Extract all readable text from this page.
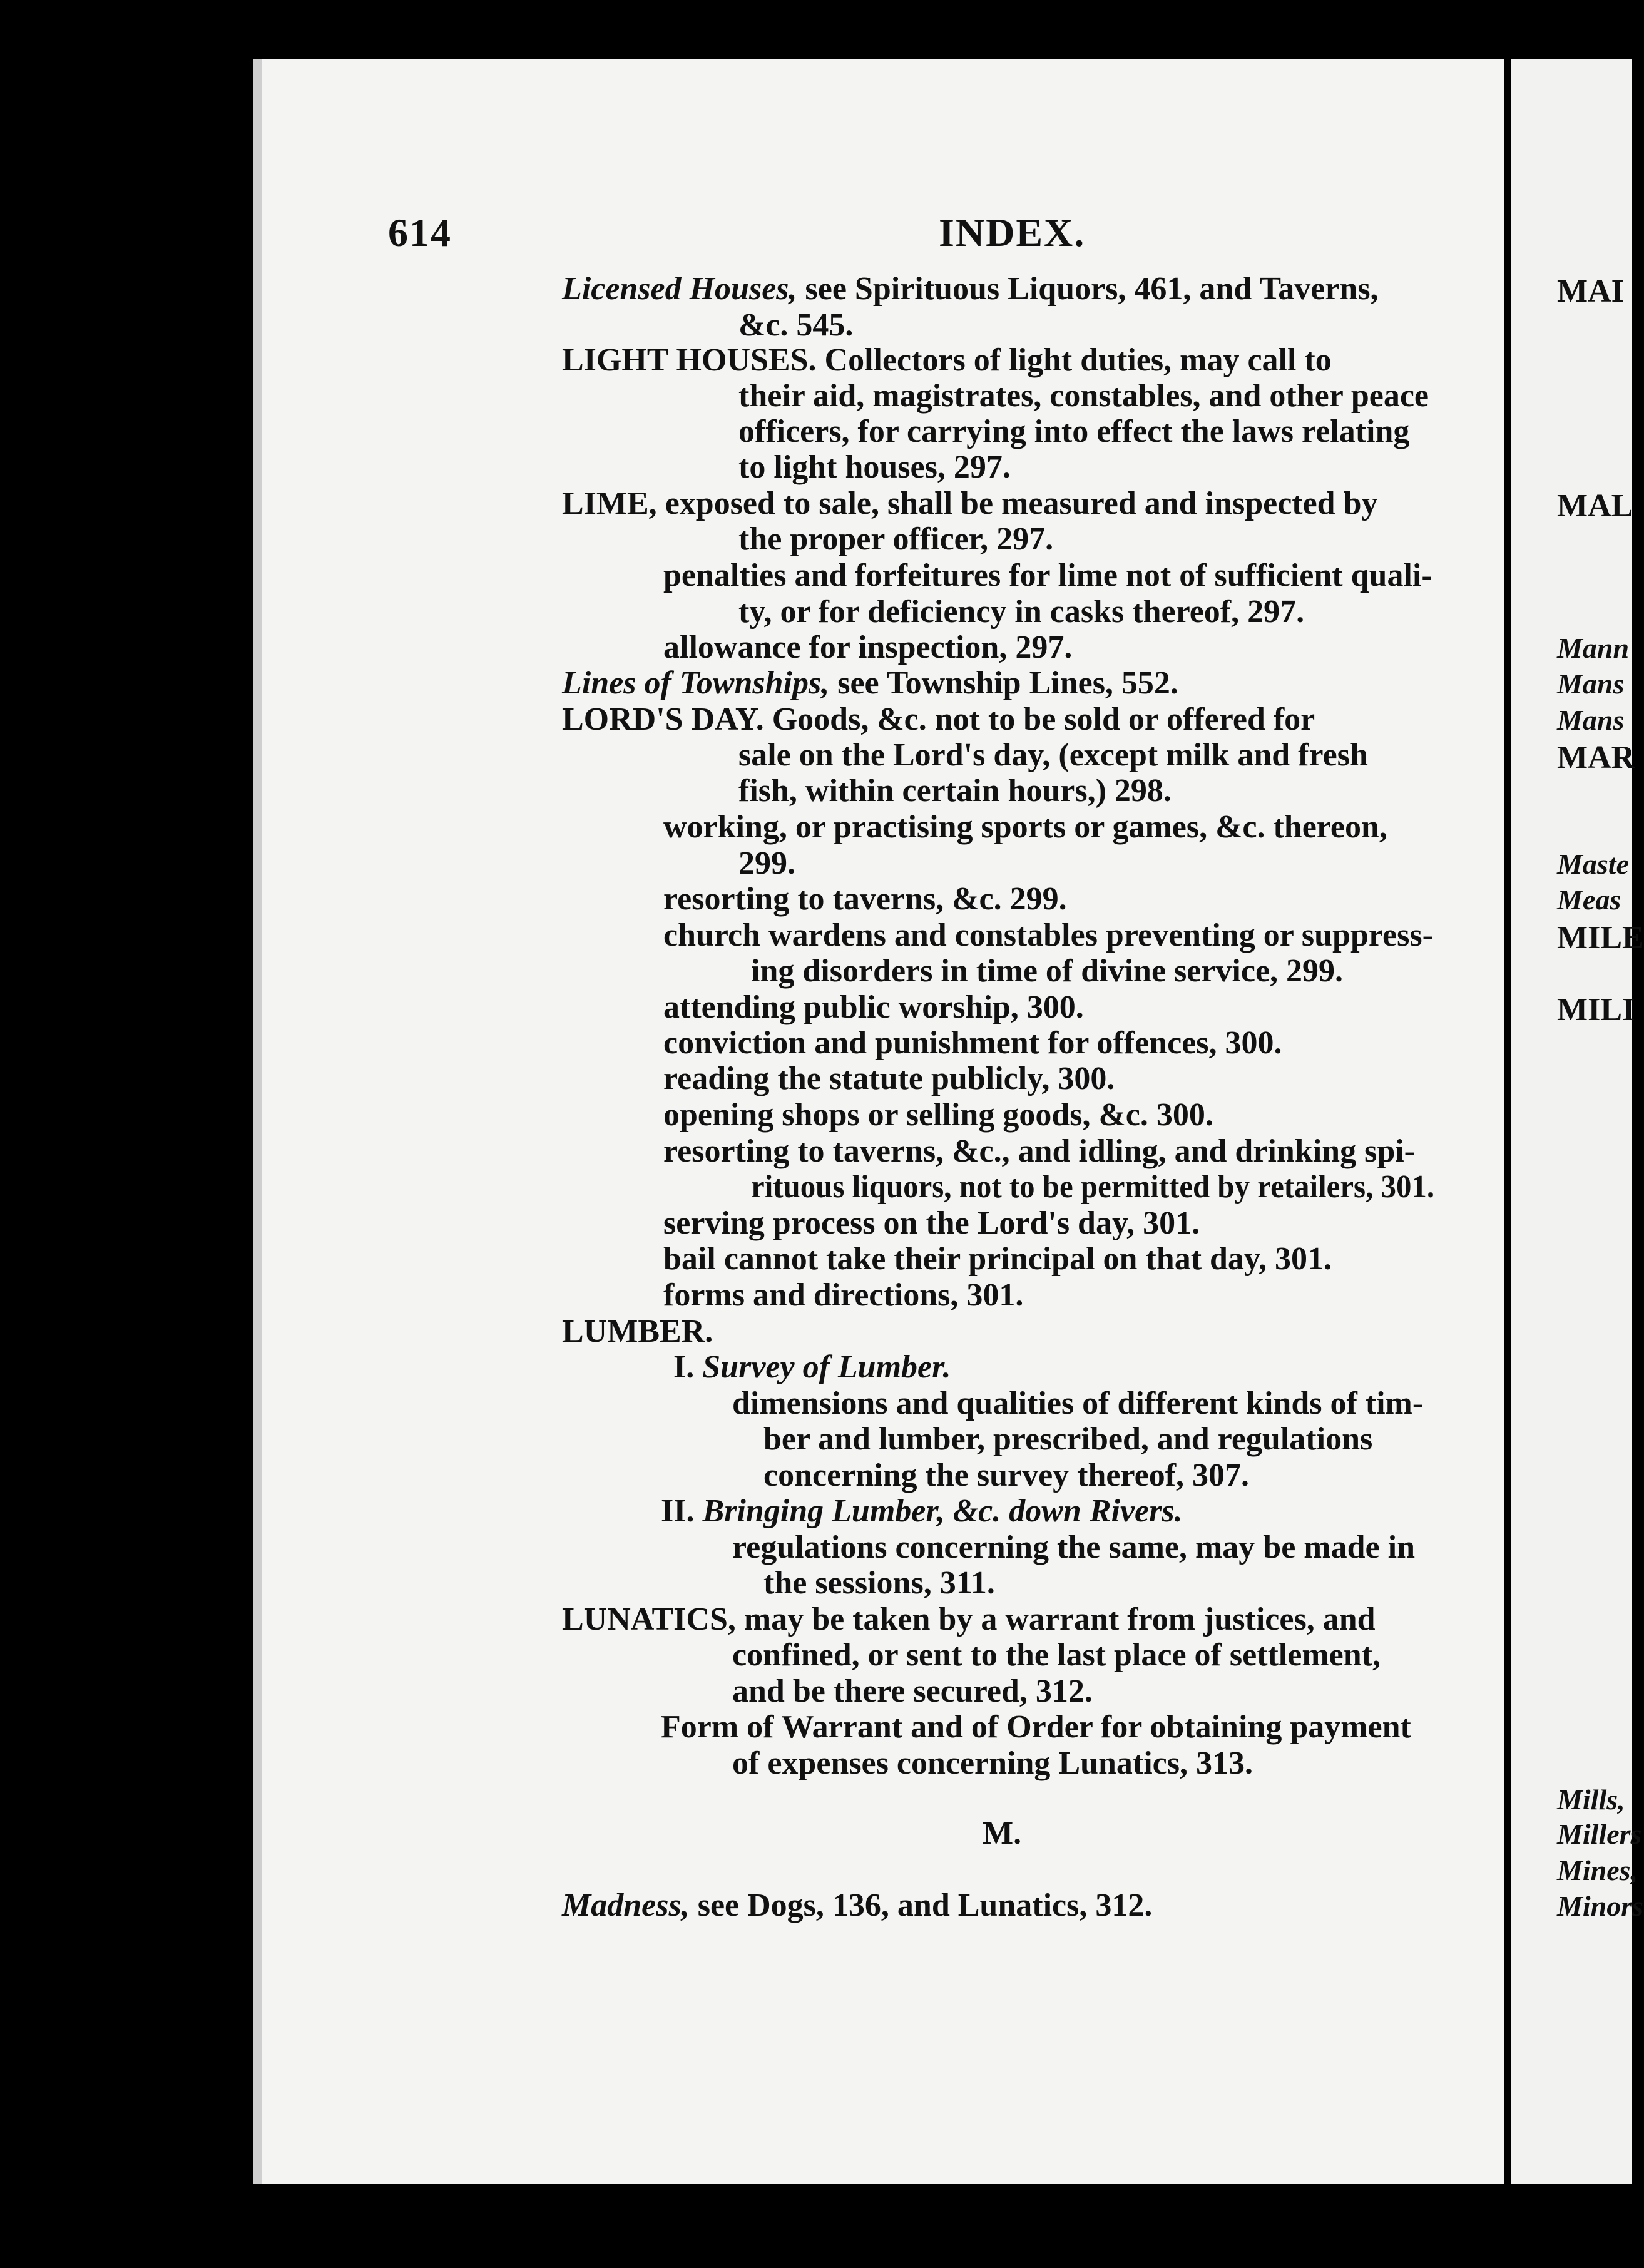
614	INDEX.
Licensed Houses, see Spirituous Liquors, 461, and Taverns,
&c. 545.
LIGHT HOUSES. Collectors of light duties, may call to
their aid, magistrates, constables, and other peace
officers, for carrying into effect the laws relating
to light houses, 297.
LIME, exposed to sale, shall be measured and inspected by
the proper officer, 297.
penalties and forfeitures for lime not of sufficient quali-
ty, or for deficiency in casks thereof, 297.
allowance for inspection, 297.
Lines of Townships, see Township Lines, 552.
LORD'S DAY. Goods, &c. not to be sold or offered for
sale on the Lord's day, (except milk and fresh
fish, within certain hours,) 298.
working, or practising sports or games, &c. thereon,
299.
resorting to taverns, &c. 299.
church wardens and constables preventing or suppress-
ing disorders in time of divine service, 299.
attending public worship, 300.
conviction and punishment for offences, 300.
reading the statute publicly, 300.
opening shops or selling goods, &c. 300.
resorting to taverns, &c., and idling, and drinking spi-
rituous liquors, not to be permitted by retailers, 301.
serving process on the Lord's day, 301.
bail cannot take their principal on that day, 301.
forms and directions, 301.
LUMBER.
I. Survey of Lumber.
dimensions and qualities of different kinds of tim-
ber and lumber, prescribed, and regulations
concerning the survey thereof, 307.
II. Bringing Lumber, &c. down Rivers.
regulations concerning the same, may be made in
the sessions, 311.
LUNATICS, may be taken by a warrant from justices, and
confined, or sent to the last place of settlement,
and be there secured, 312.
Form of Warrant and of Order for obtaining payment
of expenses concerning Lunatics, 313.
M.
Madness, see Dogs, 136, and Lunatics, 312.
MAI
MAL
Mann
Mans
Mans
MAR
Maste
Meas
MILE
MILI
Mills,
Millers
Mines,
Minors
